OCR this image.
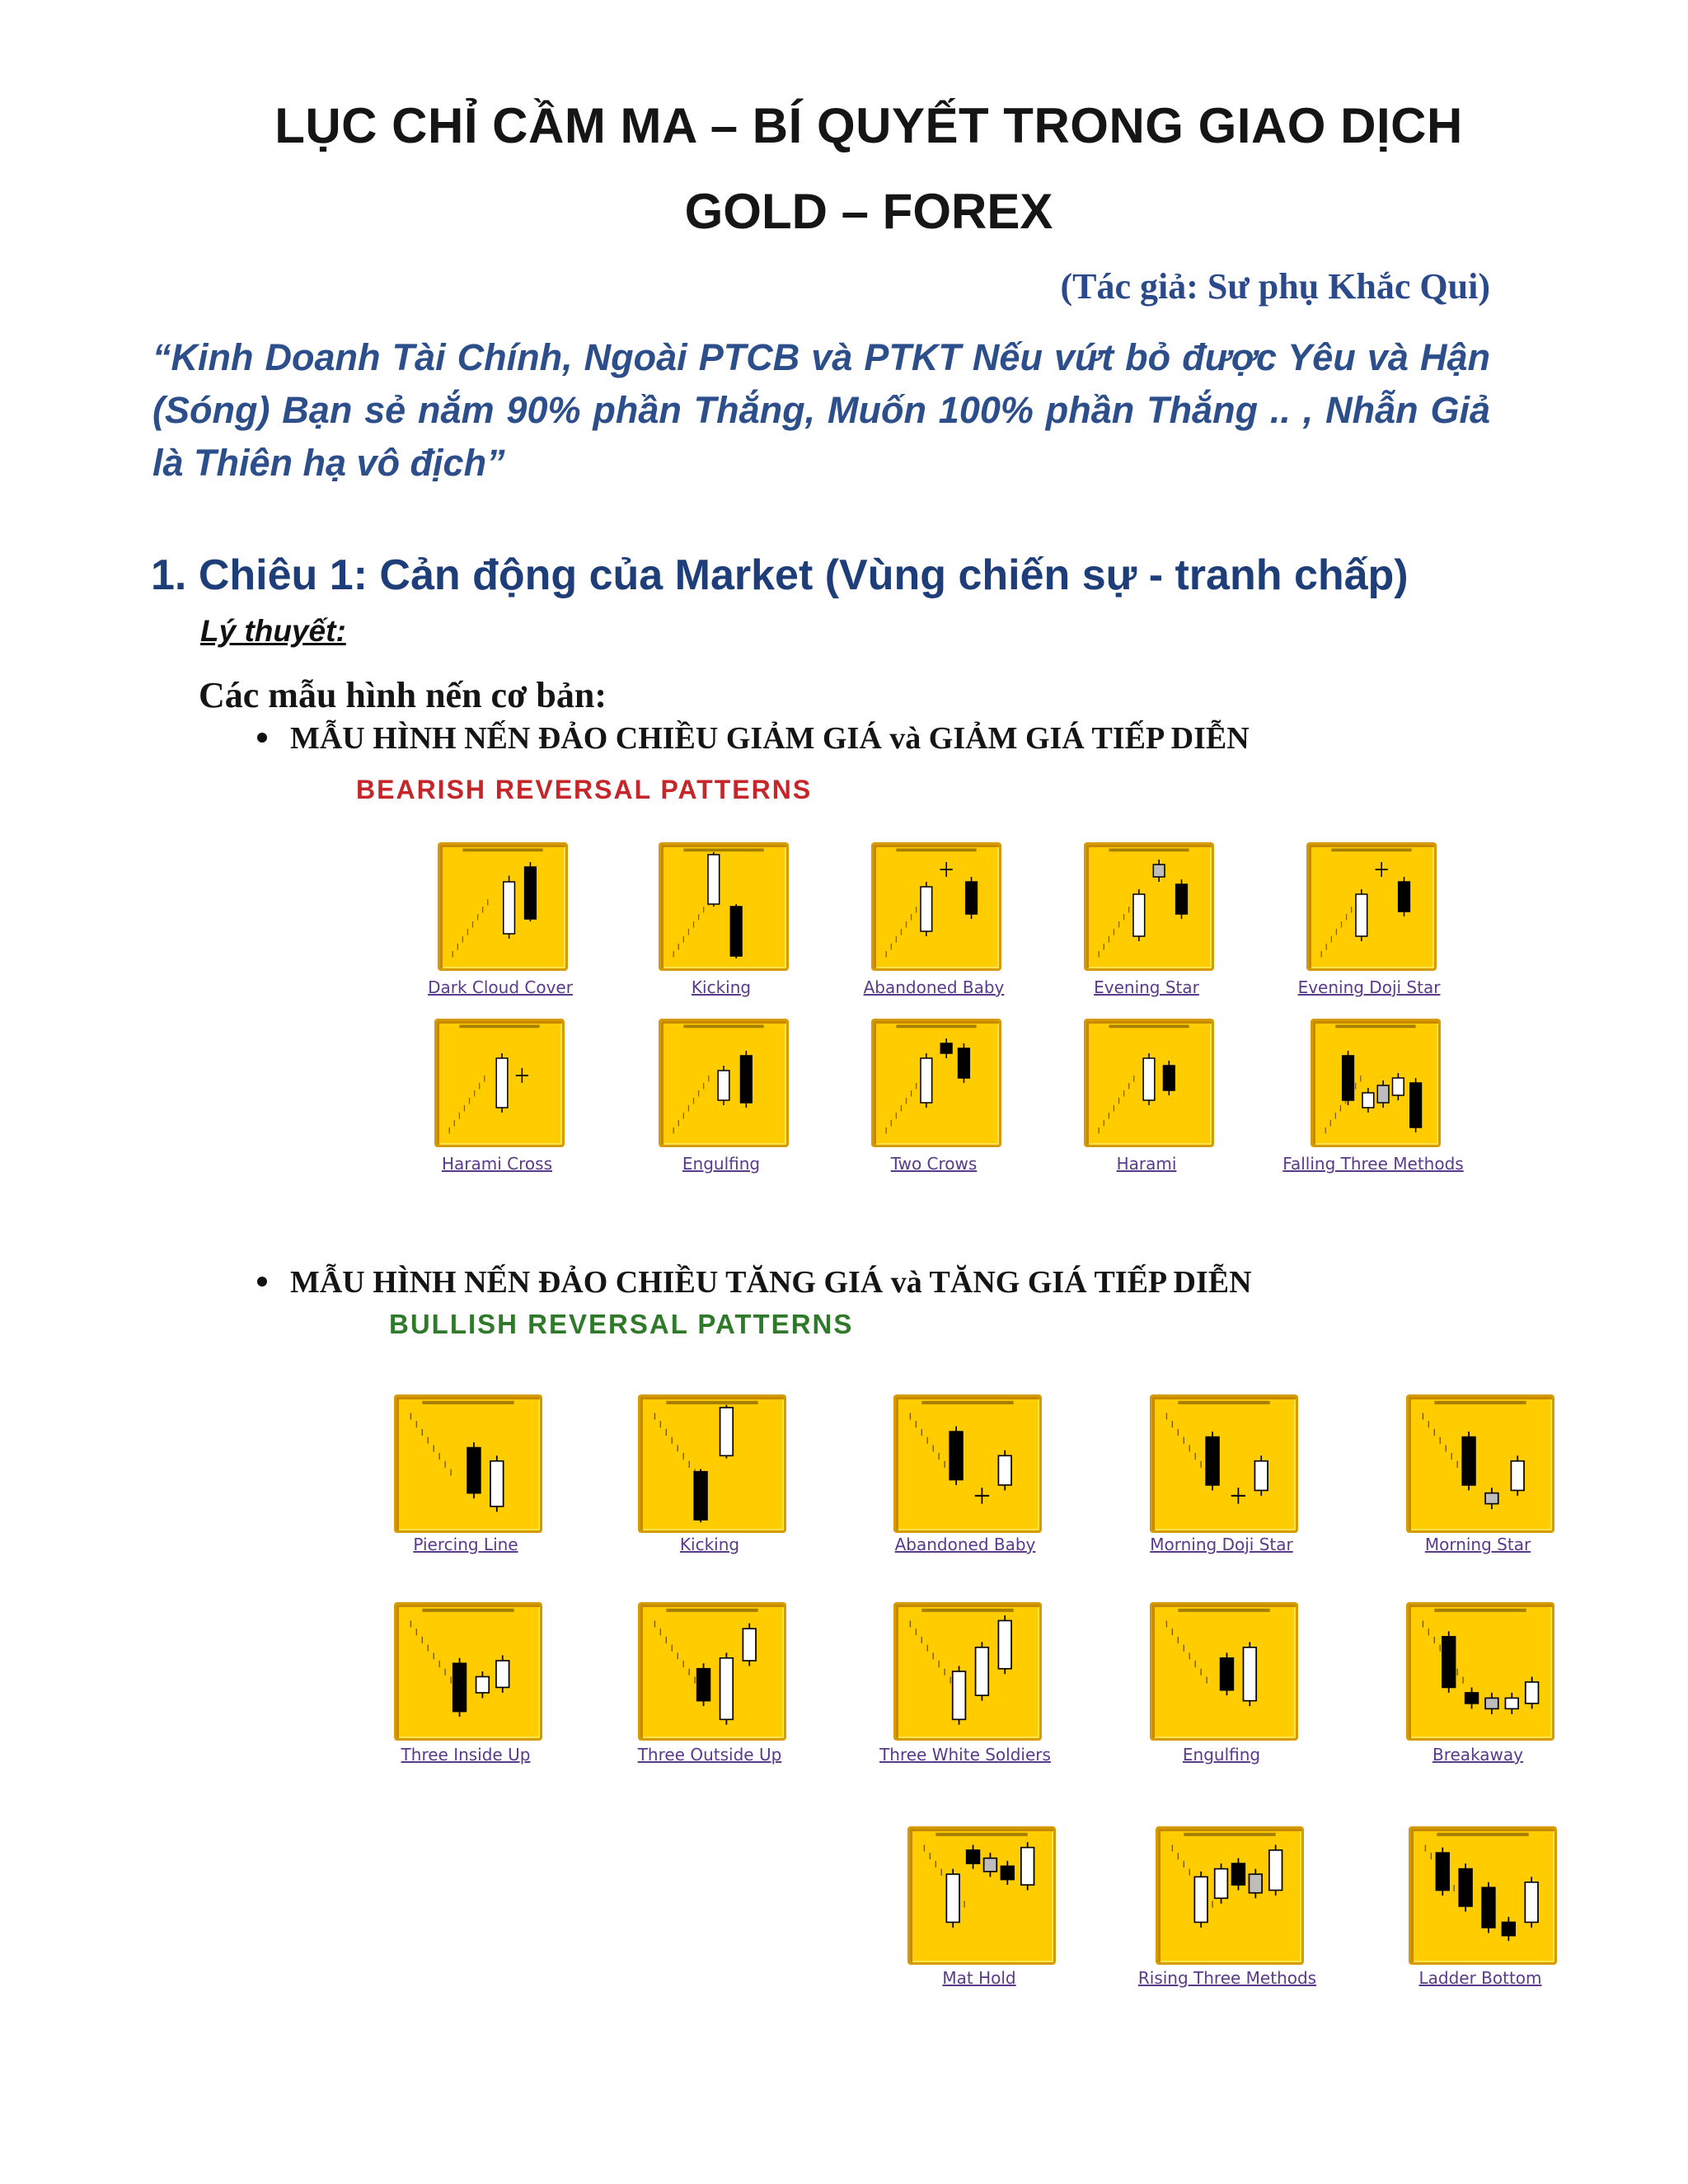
LỤC CHỈ CẦM MA – BÍ QUYẾT TRONG GIAO DỊCH
GOLD – FOREX
(Tác giả: Sư phụ Khắc Qui)
“Kinh Doanh Tài Chính, Ngoài PTCB và PTKT Nếu vứt bỏ được Yêu và Hận (Sóng) Bạn sẻ nắm 90% phần Thắng, Muốn 100% phần Thắng .. , Nhẫn Giả là Thiên hạ vô địch”
1. Chiêu 1: Cản động của Market (Vùng chiến sự - tranh chấp)
Lý thuyết:
Các mẫu hình nến cơ bản:
MẪU HÌNH NẾN ĐẢO CHIỀU GIẢM GIÁ và GIẢM GIÁ TIẾP DIỄN
BEARISH REVERSAL PATTERNS
MẪU HÌNH NẾN ĐẢO CHIỀU TĂNG GIÁ và TĂNG GIÁ TIẾP DIỄN
BULLISH REVERSAL PATTERNS
Dark Cloud Cover	Kicking	Abandoned Baby	Evening Star	Evening Doji Star
Harami Cross	Engulfing	Two Crows	Harami	Falling Three Methods
Piercing Line	Kicking	Abandoned Baby	Morning Doji Star	Morning Star
Three Inside Up	Three Outside Up	Three White Soldiers	Engulfing	Breakaway
Mat Hold	Rising Three Methods	Ladder Bottom
